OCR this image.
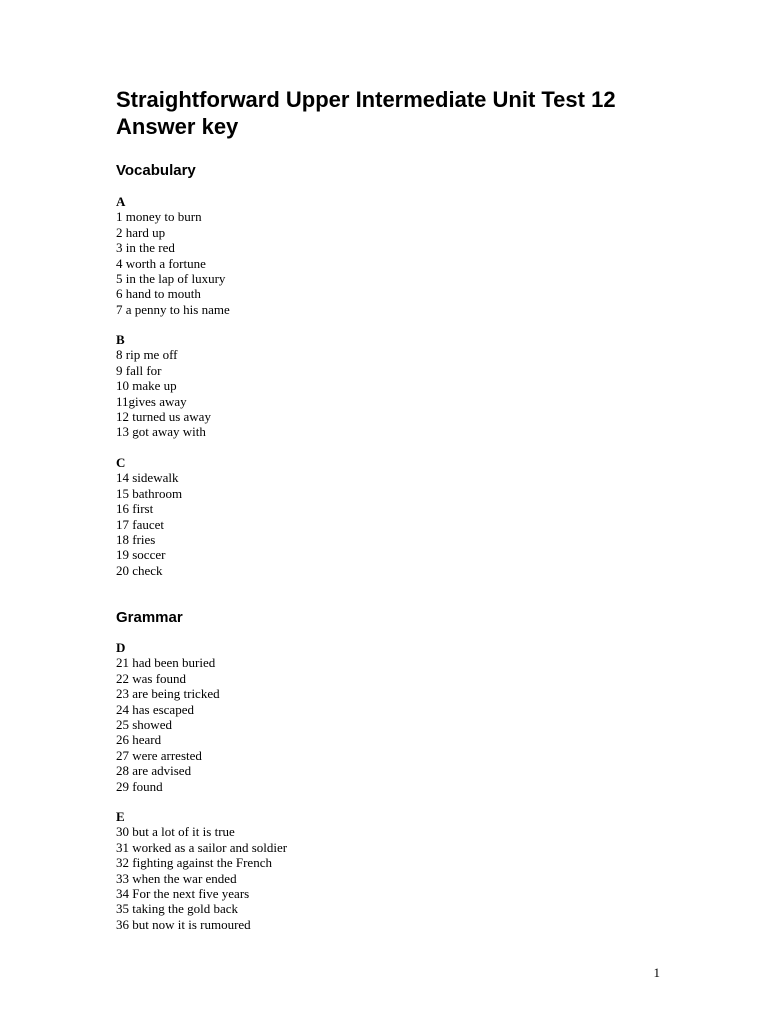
Straightforward Upper Intermediate Unit Test 12
Answer key
Vocabulary
A
1 money to burn
2 hard up
3 in the red
4 worth a fortune
5 in the lap of luxury
6 hand to mouth
7 a penny to his name
B
8 rip me off
9 fall for
10 make up
11gives away
12 turned us away
13 got away with
C
14 sidewalk
15 bathroom
16 first
17 faucet
18 fries
19 soccer
20 check
Grammar
D
21 had been buried
22 was found
23 are being tricked
24 has escaped
25 showed
26 heard
27 were arrested
28 are advised
29 found
E
30 but a lot of it is true
31 worked as a sailor and soldier
32 fighting against the French
33 when the war ended
34 For the next five years
35 taking the gold back
36 but now it is rumoured
1
